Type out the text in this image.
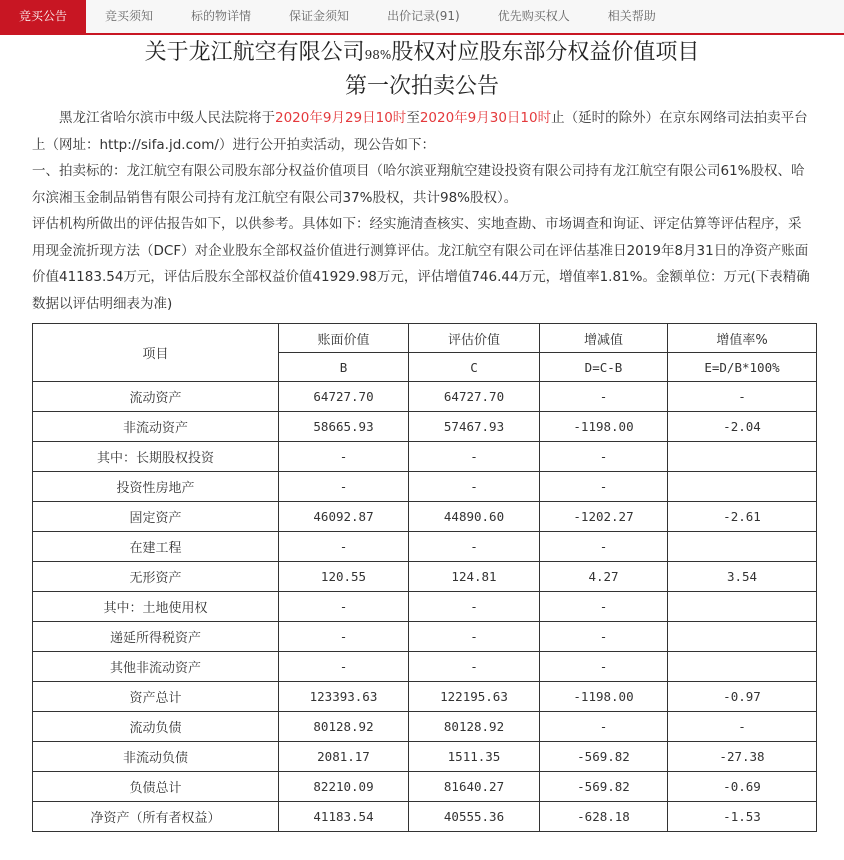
竞买公告	竞买须知	标的物详情	保证金须知	出价记录(91)	优先购买权人	相关帮助
关于龙江航空有限公司98%股权对应股东部分权益价值项目
第一次拍卖公告

黑龙江省哈尔滨市中级人民法院将于2020年9月29日10时至2020年9月30日10时止（延时的除外）在京东网络司法拍卖平台上（网址：http://sifa.jd.com/）进行公开拍卖活动，现公告如下：

一、拍卖标的：龙江航空有限公司股东部分权益价值项目（哈尔滨亚翔航空建设投资有限公司持有龙江航空有限公司61%股权、哈尔滨湘玉金制品销售有限公司持有龙江航空有限公司37%股权，共计98%股权）。

评估机构所做出的评估报告如下，以供参考。具体如下：经实施清查核实、实地查勘、市场调查和询证、评定估算等评估程序，采用现金流折现方法（DCF）对企业股东全部权益价值进行测算评估。龙江航空有限公司在评估基准日2019年8月31日的净资产账面价值41183.54万元，评估后股东全部权益价值41929.98万元，评估增值746.44万元，增值率1.81%。金额单位：万元(下表精确数据以评估明细表为准)

项目	账面价值	评估价值	增减值	增值率%
	B	C	D=C-B	E=D/B*100%
流动资产	64727.70	64727.70	-	-
非流动资产	58665.93	57467.93	-1198.00	-2.04
其中：长期股权投资	-	-	-	
投资性房地产	-	-	-	
固定资产	46092.87	44890.60	-1202.27	-2.61
在建工程	-	-	-	
无形资产	120.55	124.81	4.27	3.54
其中：土地使用权	-	-	-	
递延所得税资产	-	-	-	
其他非流动资产	-	-	-	
资产总计	123393.63	122195.63	-1198.00	-0.97
流动负债	80128.92	80128.92	-	-
非流动负债	2081.17	1511.35	-569.82	-27.38
负债总计	82210.09	81640.27	-569.82	-0.69
净资产（所有者权益）	41183.54	40555.36	-628.18	-1.53
